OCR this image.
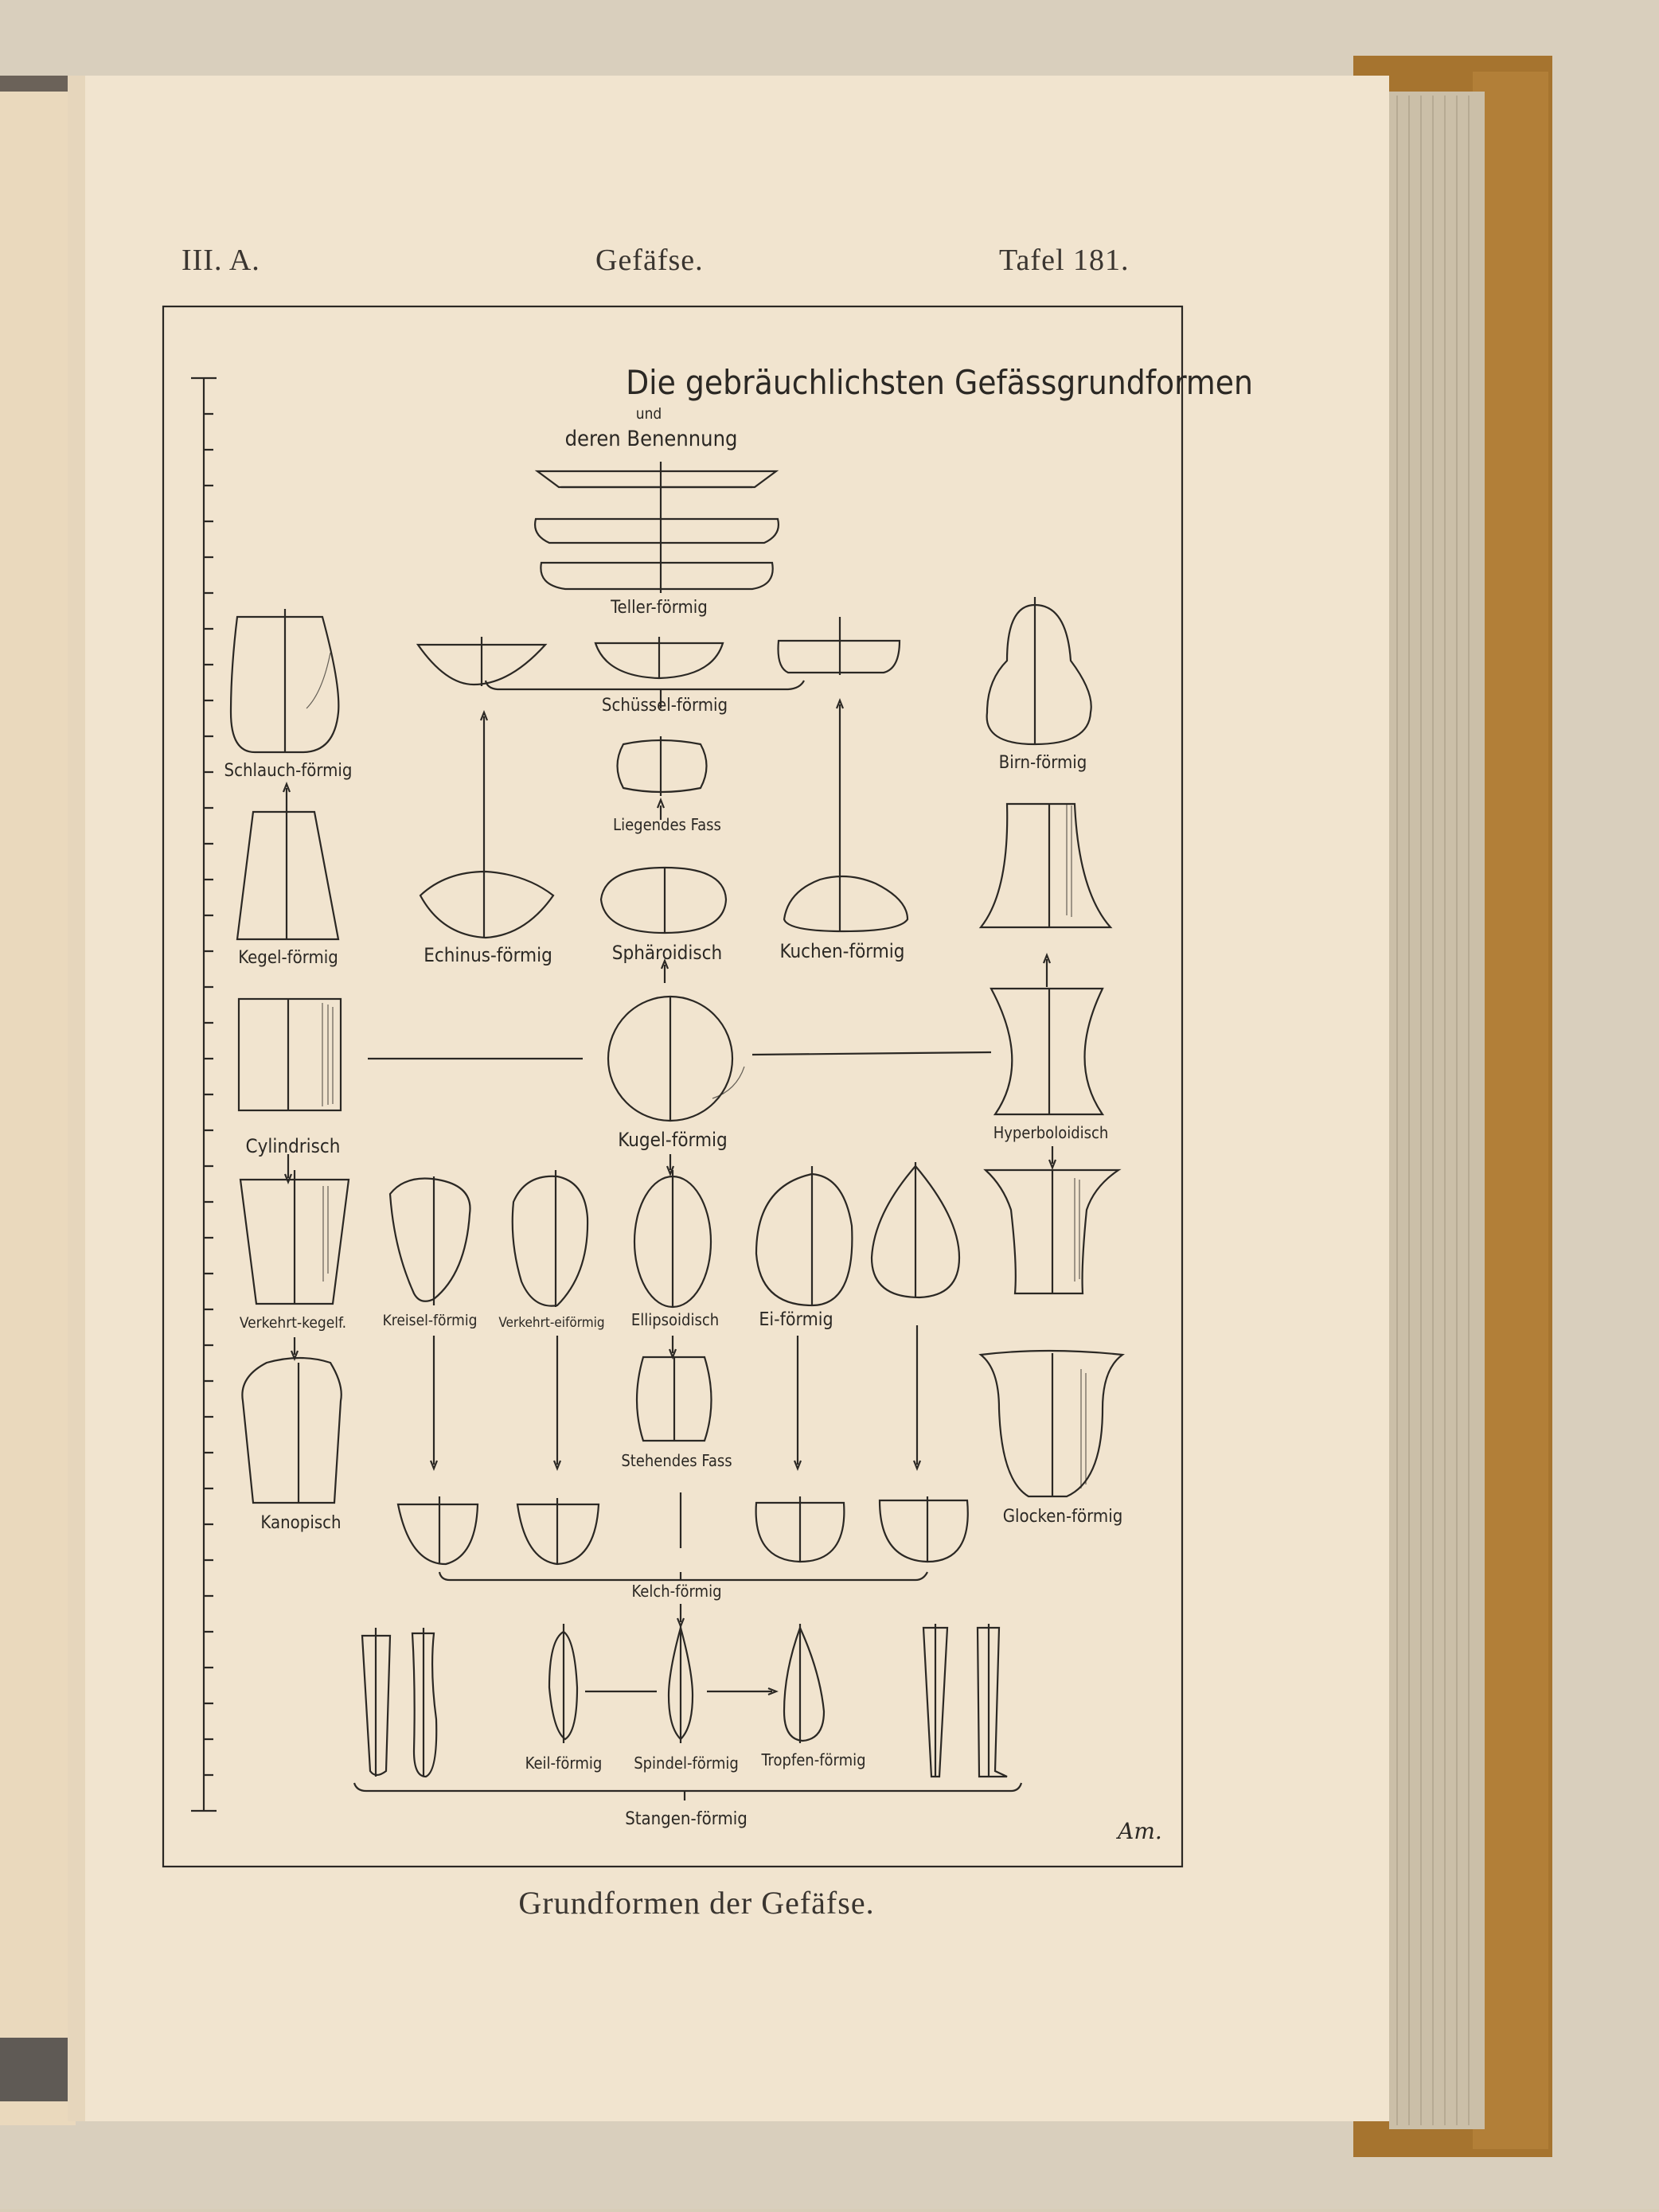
III. A.	Gefäfse.	Tafel 181.
Die gebräuchlichsten Gefässgrundformen
und
deren Benennung
Teller-förmig
Schüssel-förmig
Schlauch-förmig	Birn-förmig
Liegendes Fass
Kegel-förmig	Echinus-förmig	Sphäroidisch	Kuchen-förmig
Cylindrisch	Kugel-förmig	Hyperboloidisch
Verkehrt-kegelf. Kreisel-förmig Verkehrt-eiförmig Ellipsoidisch Ei-förmig
Stehendes Fass
Kanopisch	Glocken-förmig
Kelch-förmig
Keil-förmig Spindel-förmig Tropfen-förmig
Stangen-förmig	Am.
Grundformen der Gefäfse.
